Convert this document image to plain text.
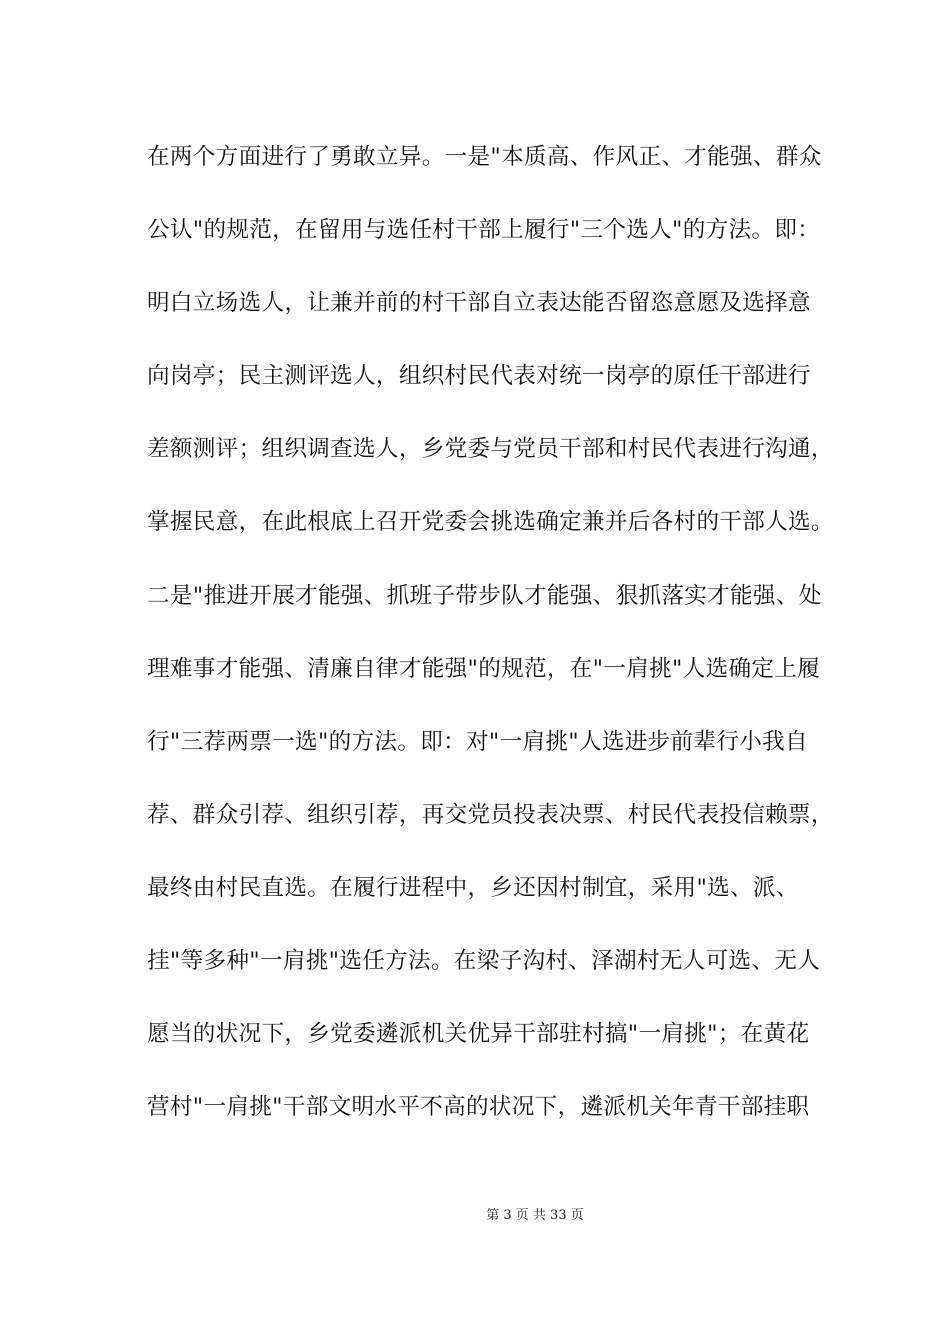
在两个方面进行了勇敢立异。一是"本质高、作风正、才能强、群众
公认"的规范，在留用与选任村干部上履行"三个选人"的方法。即：
明白立场选人，让兼并前的村干部自立表达能否留恣意愿及选择意
向岗亭；民主测评选人，组织村民代表对统一岗亭的原任干部进行
差额测评；组织调查选人，乡党委与党员干部和村民代表进行沟通，
掌握民意，在此根底上召开党委会挑选确定兼并后各村的干部人选。
二是"推进开展才能强、抓班子带步队才能强、狠抓落实才能强、处
理难事才能强、清廉自律才能强"的规范，在"一肩挑"人选确定上履
行"三荐两票一选"的方法。即：对"一肩挑"人选进步前辈行小我自
荐、群众引荐、组织引荐，再交党员投表决票、村民代表投信赖票，
最终由村民直选。在履行进程中，乡还因村制宜，采用"选、派、
挂"等多种"一肩挑"选任方法。在梁子沟村、泽湖村无人可选、无人
愿当的状况下，乡党委遴派机关优异干部驻村搞"一肩挑"；在黄花
营村"一肩挑"干部文明水平不高的状况下，遴派机关年青干部挂职
第 3 页 共 33 页
